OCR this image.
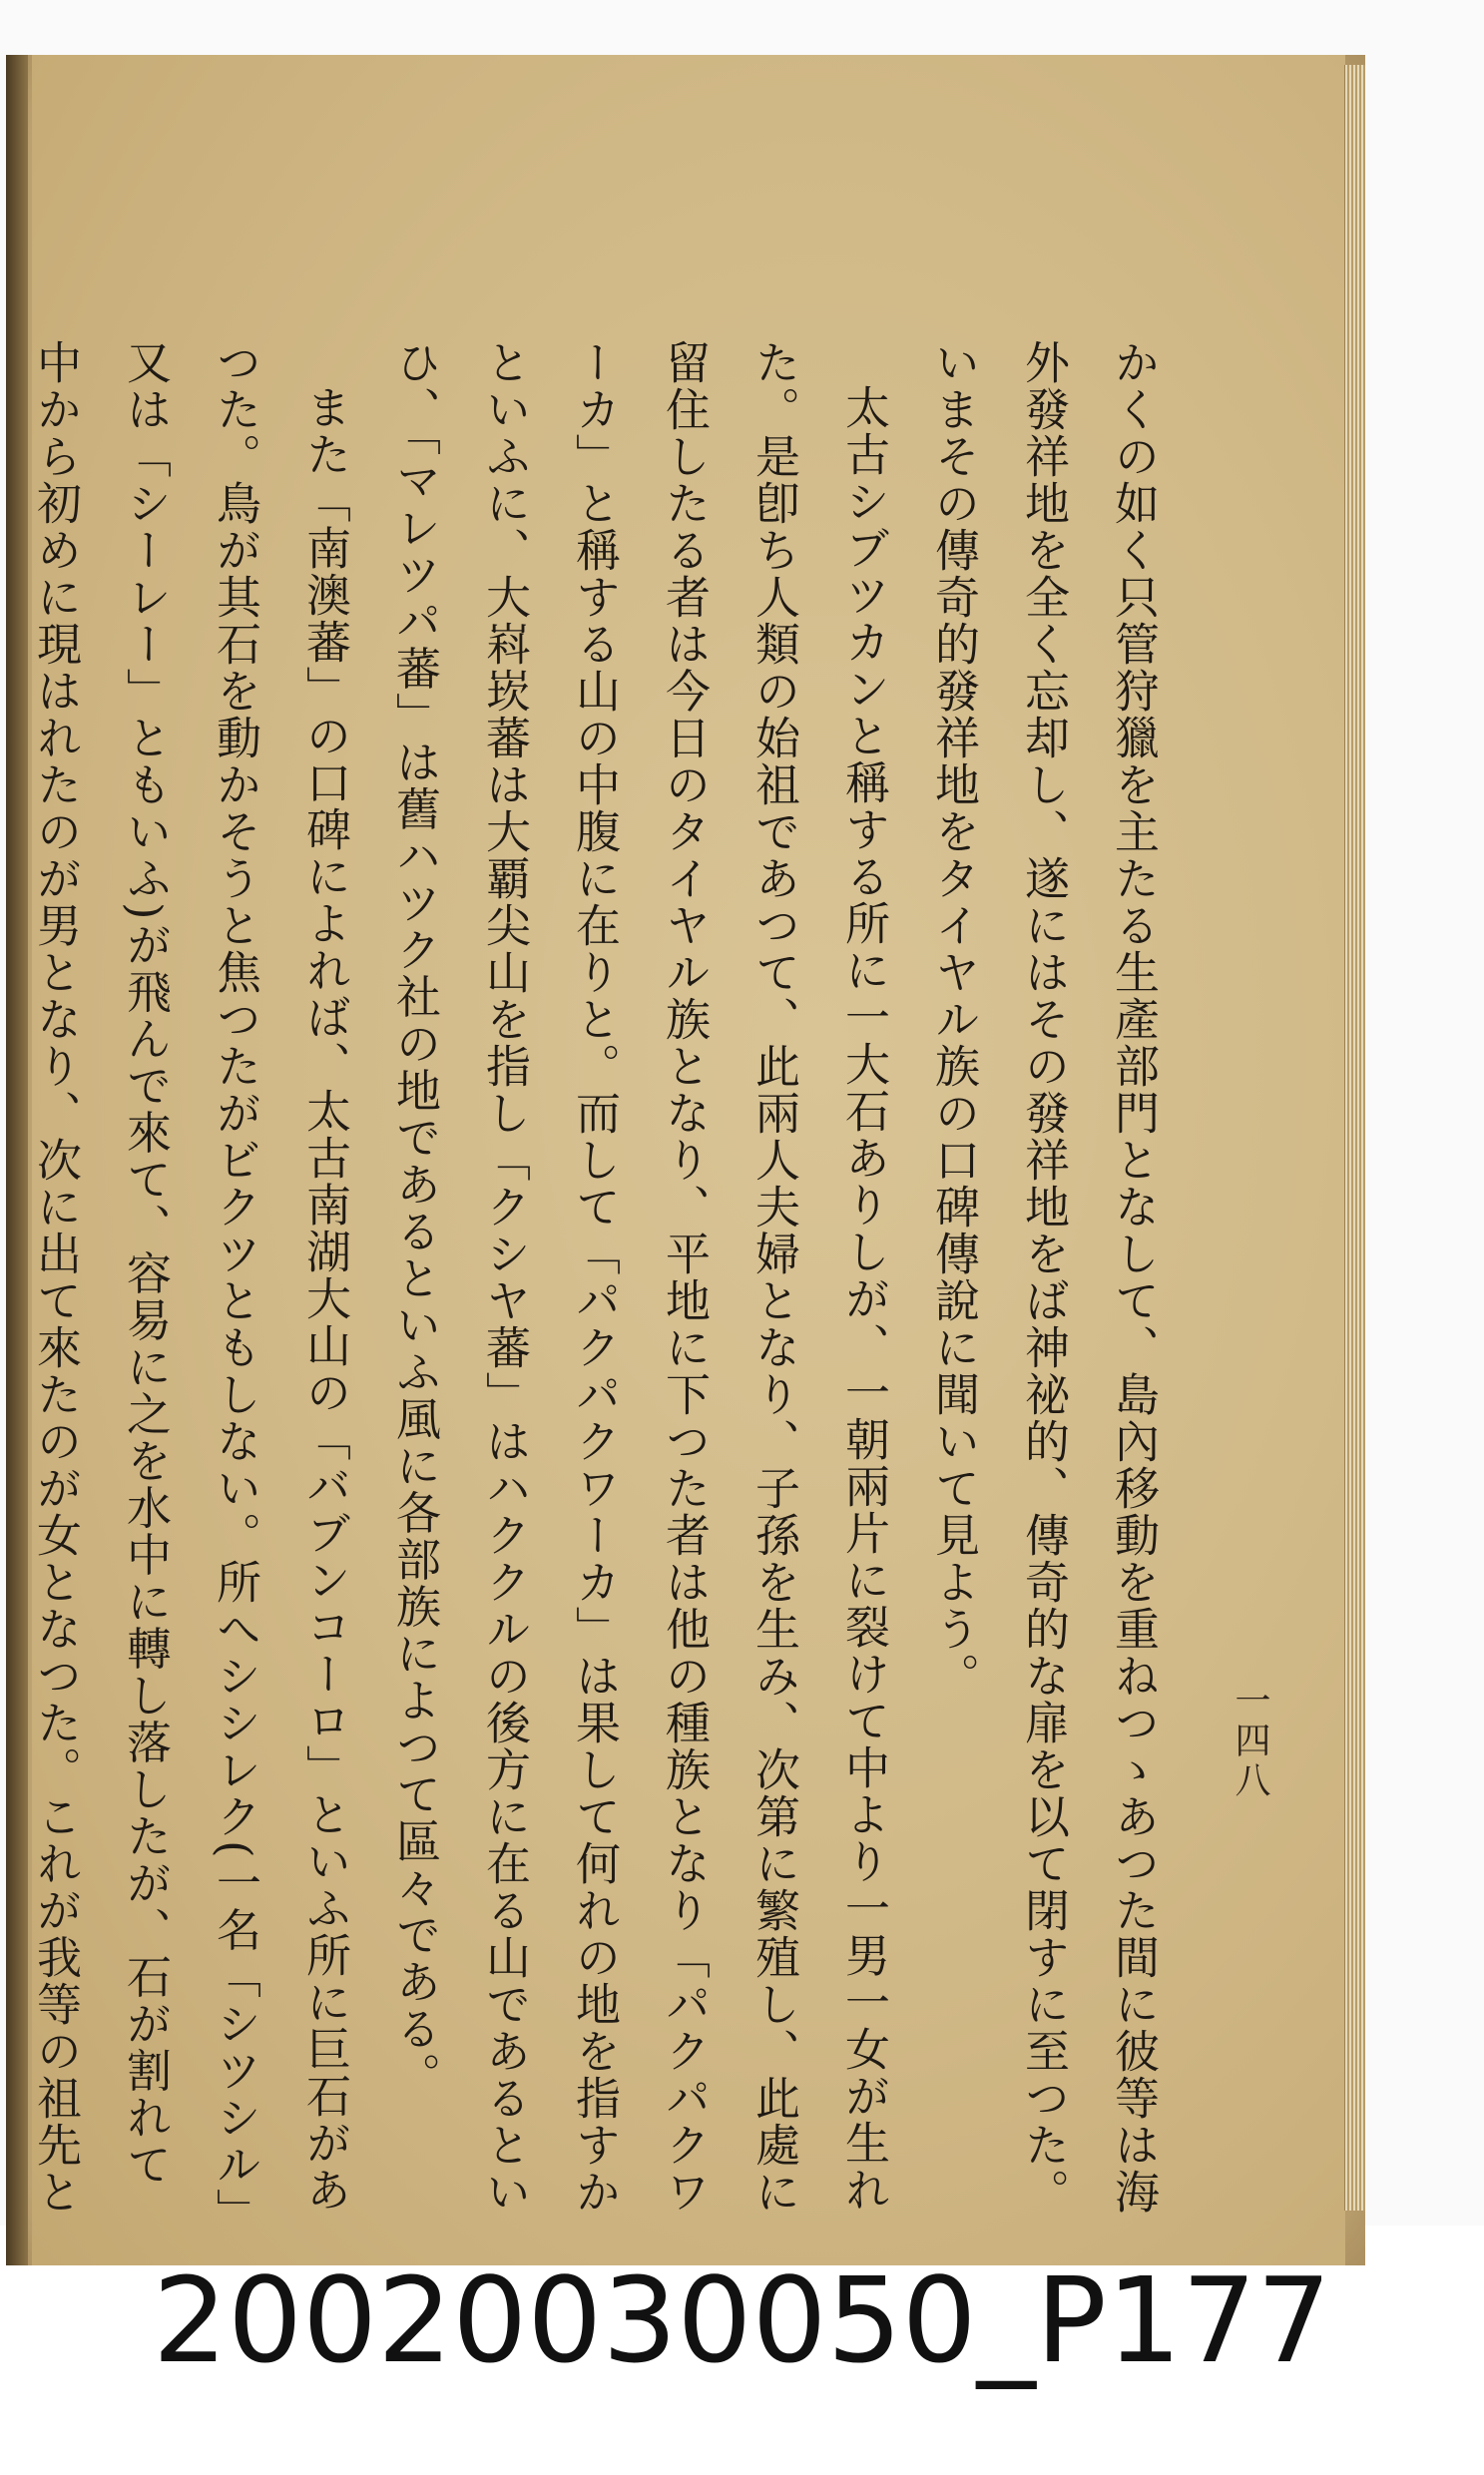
一四八

かくの如く只管狩獵を主たる生產部門となして、島內移動を重ねつゝあつた間に彼等は海外發祥地を全く忘却し、遂にはその發祥地をば神祕的、傳奇的な扉を以て閉すに至つた。いまその傳奇的發祥地をタイヤル族の口碑傳說に聞いて見よう。

太古シブツカンと稱する所に一大石ありしが、一朝兩片に裂けて中より一男一女が生れた。是卽ち人類の始祖であつて、此兩人夫婦となり、子孫を生み、次第に繁殖し、此處に留住したる者は今日のタイヤル族となり、平地に下つた者は他の種族となり「パクパクワーカ」と稱する山の中腹に在りと。而して「パクパクワーカ」は果して何れの地を指すかといふに、大嵙崁蕃は大覇尖山を指し「クシヤ蕃」はハククルの後方に在る山であるといひ、「マレツパ蕃」は舊ハツク社の地であるといふ風に各部族によつて區々である。

また「南澳蕃」の口碑によれば、太古南湖大山の「バブンコーロ」といふ所に巨石があつた。鳥が其石を動かそうと焦つたがビクツともしない。所へシシレク(一名「シツシル」又は「シーレー」ともいふ)が飛んで來て、容易に之を水中に轉し落したが、石が割れて中から初めに現はれたのが男となり、次に出て來たのが女となつた。これが我等の祖先と

20020030050_P177
